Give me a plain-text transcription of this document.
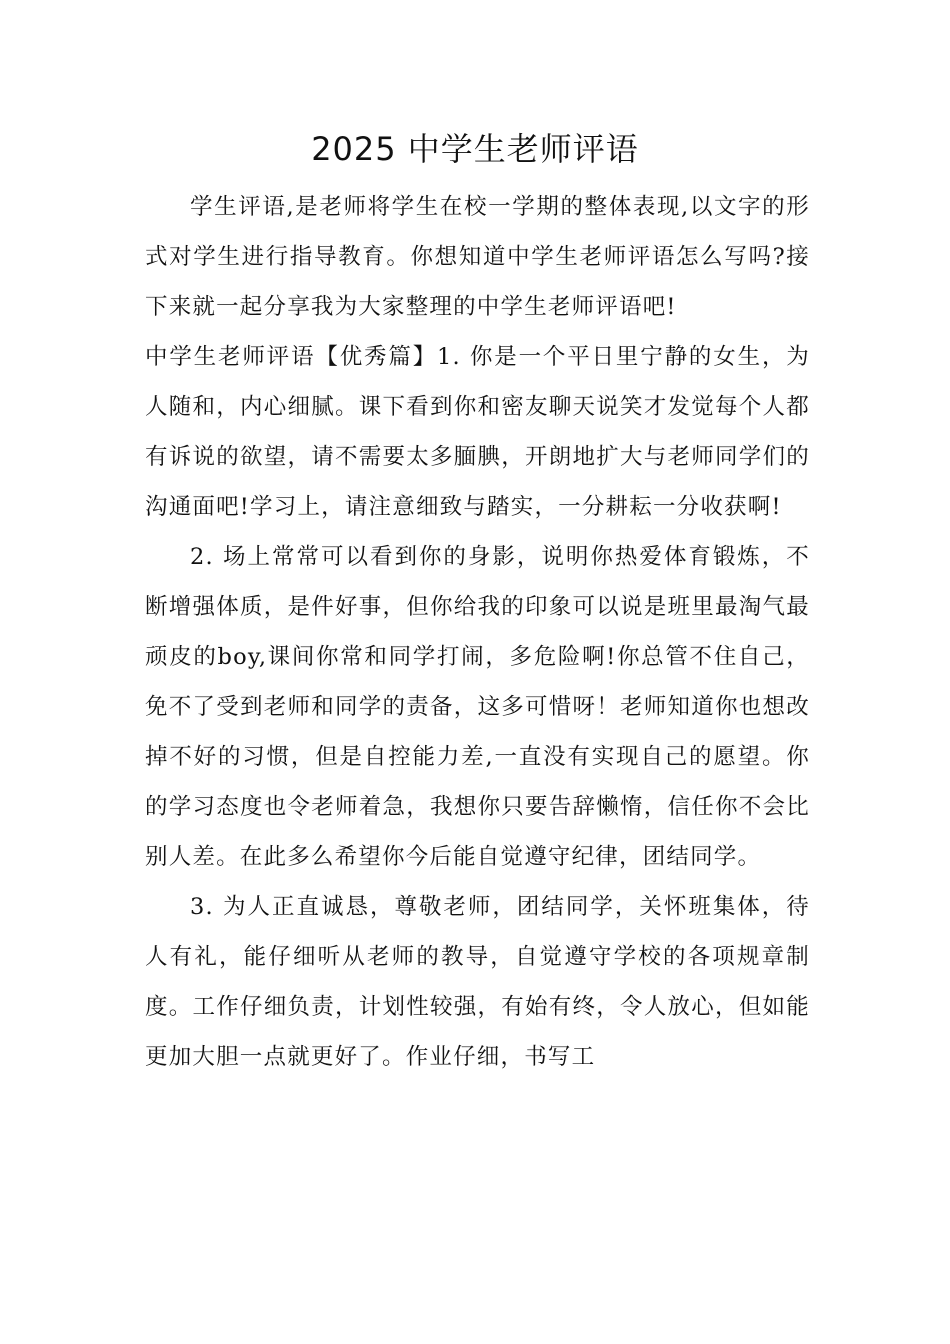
2025 中学生老师评语

学生评语,是老师将学生在校一学期的整体表现,以文字的形式对学生进行指导教育。你想知道中学生老师评语怎么写吗?接下来就一起分享我为大家整理的中学生老师评语吧!

中学生老师评语【优秀篇】1. 你是一个平日里宁静的女生，为人随和，内心细腻。课下看到你和密友聊天说笑才发觉每个人都有诉说的欲望，请不需要太多腼腆，开朗地扩大与老师同学们的沟通面吧!学习上，请注意细致与踏实，一分耕耘一分收获啊!

2. 场上常常可以看到你的身影，说明你热爱体育锻炼，不断增强体质，是件好事，但你给我的印象可以说是班里最淘气最顽皮的boy,课间你常和同学打闹，多危险啊!你总管不住自己，免不了受到老师和同学的责备，这多可惜呀！老师知道你也想改掉不好的习惯，但是自控能力差,一直没有实现自己的愿望。你的学习态度也令老师着急，我想你只要告辞懒惰，信任你不会比别人差。在此多么希望你今后能自觉遵守纪律，团结同学。

3. 为人正直诚恳，尊敬老师，团结同学，关怀班集体，待人有礼，能仔细听从老师的教导，自觉遵守学校的各项规章制度。工作仔细负责，计划性较强，有始有终，令人放心，但如能更加大胆一点就更好了。作业仔细，书写工
